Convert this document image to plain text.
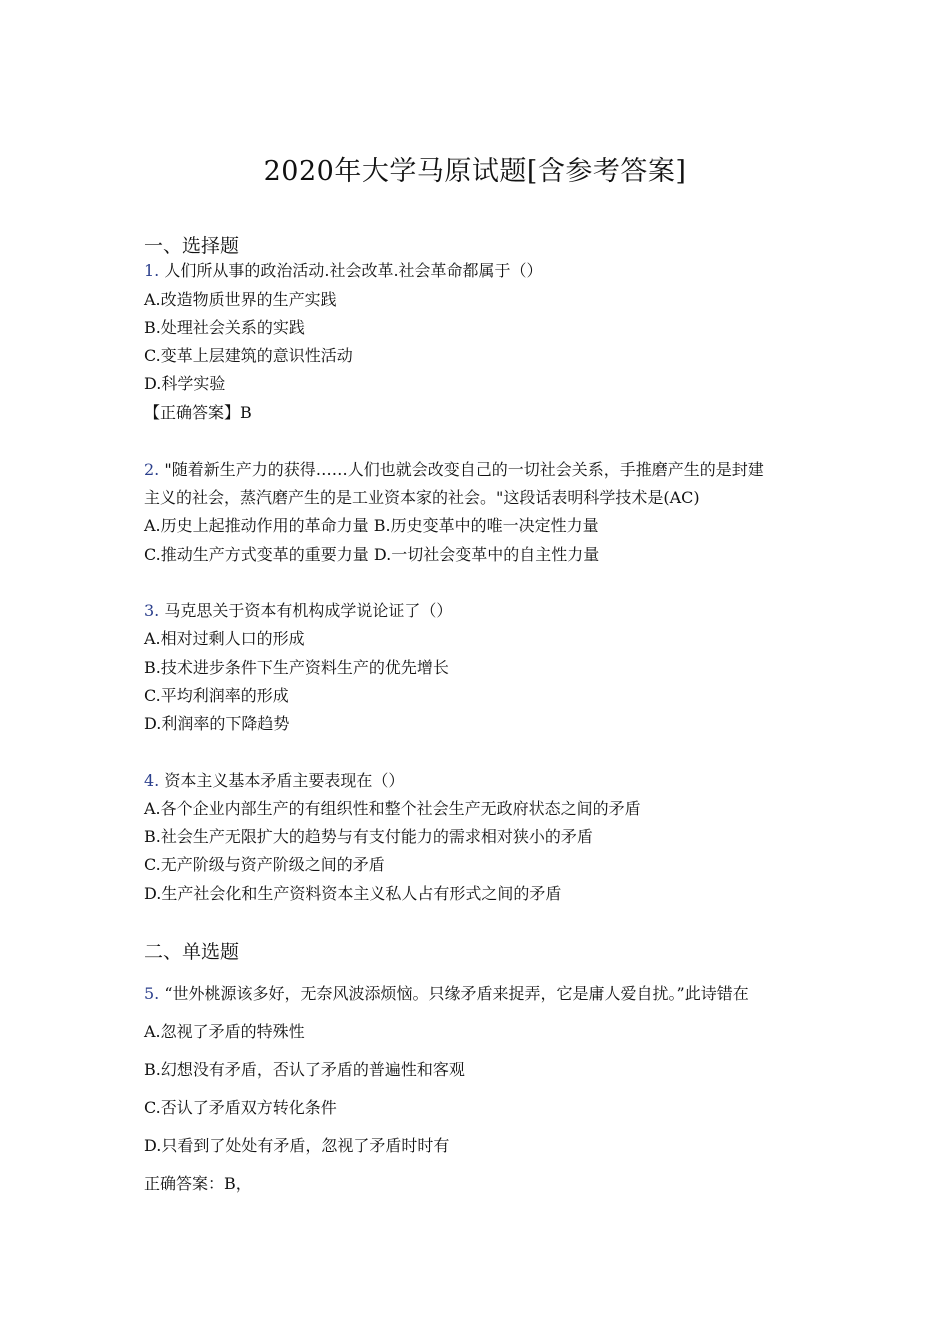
2020年大学马原试题[含参考答案]
一、选择题
1. 人们所从事的政治活动.社会改革.社会革命都属于（）
A.改造物质世界的生产实践
B.处理社会关系的实践
C.变革上层建筑的意识性活动
D.科学实验
【正确答案】B
2. "随着新生产力的获得……人们也就会改变自己的一切社会关系，手推磨产生的是封建
主义的社会，蒸汽磨产生的是工业资本家的社会。"这段话表明科学技术是(AC)
A.历史上起推动作用的革命力量 B.历史变革中的唯一决定性力量
C.推动生产方式变革的重要力量 D.一切社会变革中的自主性力量
3. 马克思关于资本有机构成学说论证了（）
A.相对过剩人口的形成
B.技术进步条件下生产资料生产的优先增长
C.平均利润率的形成
D.利润率的下降趋势
4. 资本主义基本矛盾主要表现在（）
A.各个企业内部生产的有组织性和整个社会生产无政府状态之间的矛盾
B.社会生产无限扩大的趋势与有支付能力的需求相对狭小的矛盾
C.无产阶级与资产阶级之间的矛盾
D.生产社会化和生产资料资本主义私人占有形式之间的矛盾
二、单选题
5. “世外桃源该多好，无奈风波添烦恼。只缘矛盾来捉弄，它是庸人爱自扰。”此诗错在
A.忽视了矛盾的特殊性
B.幻想没有矛盾，否认了矛盾的普遍性和客观
C.否认了矛盾双方转化条件
D.只看到了处处有矛盾，忽视了矛盾时时有
正确答案：B，
